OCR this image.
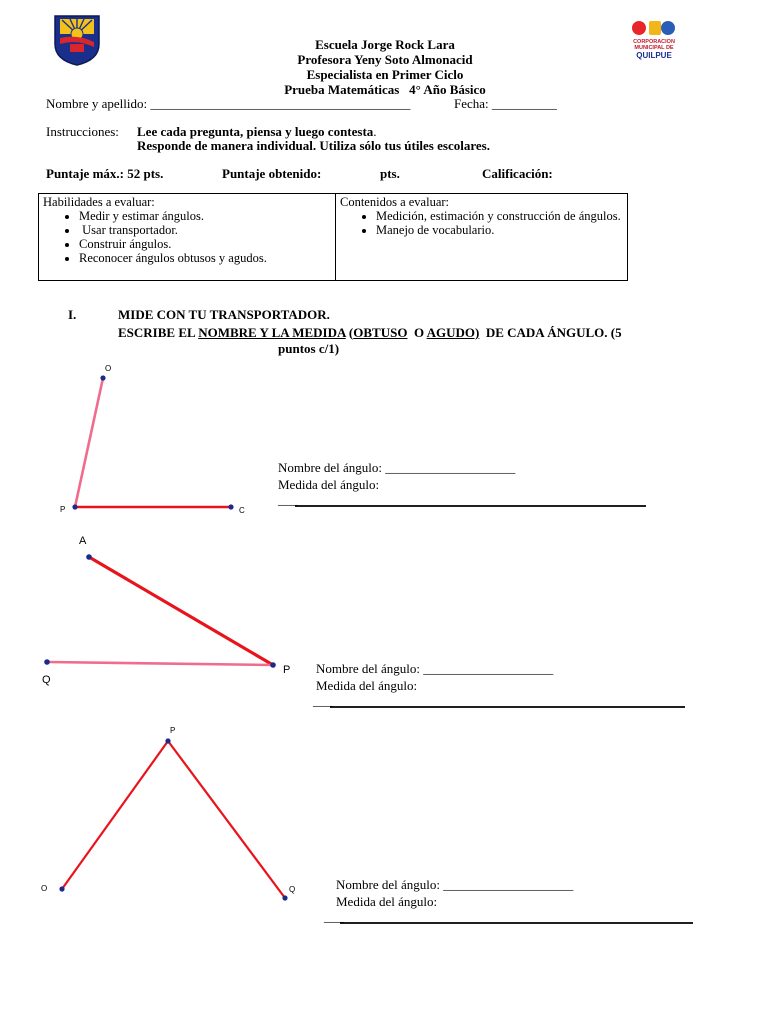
CORPORACION
MUNICIPAL DE
QUILPUE
Escuela Jorge Rock Lara
Profesora Yeny Soto Almonacid
Especialista en Primer Ciclo
Prueba Matemáticas   4° Año Básico
Nombre y apellido: ________________________________________	Fecha: __________
Instrucciones: Lee cada pregunta, piensa y luego contesta.
Responde de manera individual. Utiliza sólo tus útiles escolares.
Puntaje máx.: 52 pts.	Puntaje obtenido:	pts.	Calificación:
Habilidades a evaluar:
• Medir y estimar ángulos.
•  Usar transportador.
• Construir ángulos.
• Reconocer ángulos obtusos y agudos.

Contenidos a evaluar:
• Medición, estimación y construcción de ángulos.
• Manejo de vocabulario.
I.	MIDE CON TU TRANSPORTADOR.
ESCRIBE EL NOMBRE Y LA MEDIDA (OBTUSO  O AGUDO)  DE CADA ÁNGULO. (5
puntos c/1)
O
P	C
A
Q
P
P
O	Q
Nombre del ángulo: ____________________
Medida del ángulo:
___
Nombre del ángulo: ____________________
Medida del ángulo:
___
Nombre del ángulo: ____________________
Medida del ángulo:
___
